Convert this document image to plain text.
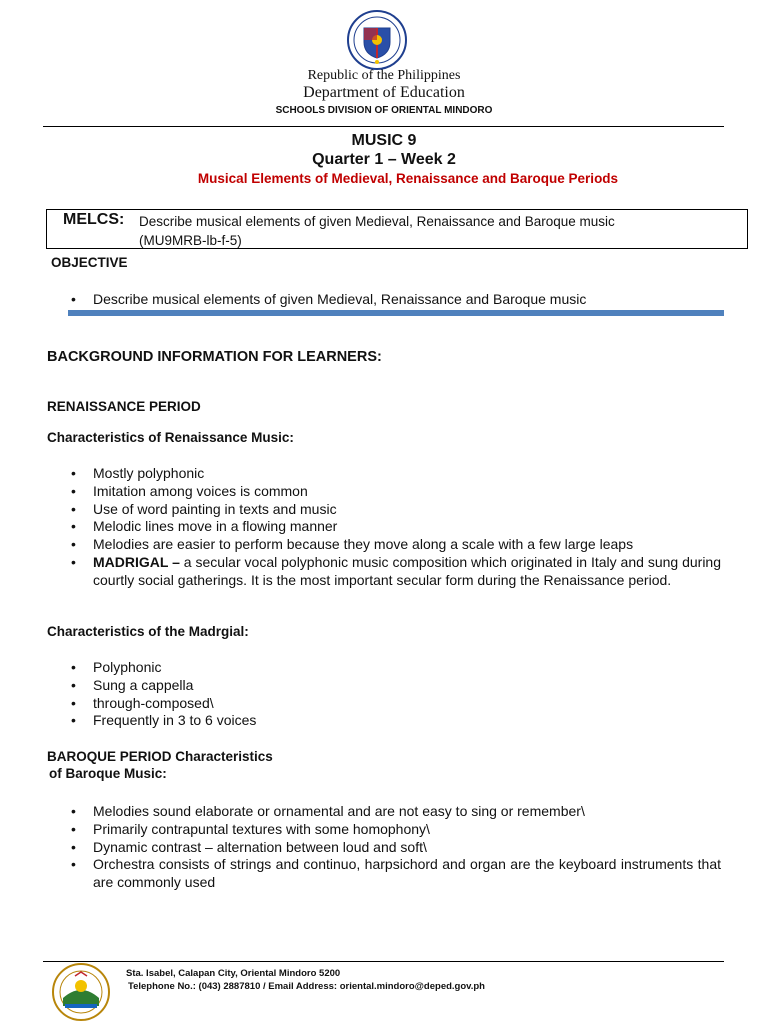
Republic of the Philippines
Department of Education
SCHOOLS DIVISION OF ORIENTAL MINDORO
MUSIC 9
Quarter 1 – Week 2
Musical Elements of Medieval, Renaissance and Baroque Periods
MELCS: Describe musical elements of given Medieval, Renaissance and Baroque music
(MU9MRB-lb-f-5)
OBJECTIVE
• Describe musical elements of given Medieval, Renaissance and Baroque music
BACKGROUND INFORMATION FOR LEARNERS:
RENAISSANCE PERIOD
Characteristics of Renaissance Music:
• Mostly polyphonic
• Imitation among voices is common
• Use of word painting in texts and music
• Melodic lines move in a flowing manner
• Melodies are easier to perform because they move along a scale with a few large leaps
• MADRIGAL – a secular vocal polyphonic music composition which originated in Italy and sung during courtly social gatherings. It is the most important secular form during the Renaissance period.
Characteristics of the Madrgial:
• Polyphonic
• Sung a cappella
• through-composed\
• Frequently in 3 to 6 voices
BAROQUE PERIOD Characteristics
of Baroque Music:
• Melodies sound elaborate or ornamental and are not easy to sing or remember\
• Primarily contrapuntal textures with some homophony\
• Dynamic contrast – alternation between loud and soft\
• Orchestra consists of strings and continuo, harpsichord and organ are the keyboard instruments that are commonly used
Sta. Isabel, Calapan City, Oriental Mindoro 5200
Telephone No.: (043) 2887810 / Email Address: oriental.mindoro@deped.gov.ph
